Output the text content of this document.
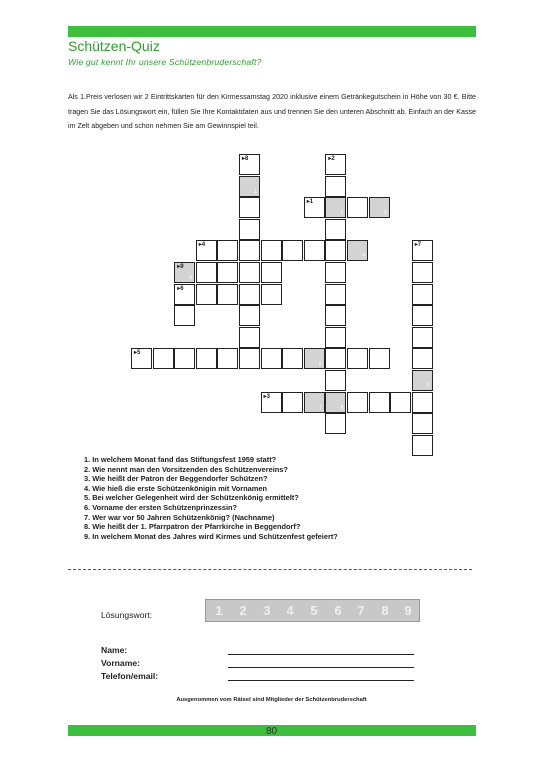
Schützen-Quiz
Wie gut kennt Ihr unsere Schützenbruderschaft?
Als 1.Preis verlosen wir 2 Eintrittskarten für den Kirmessamstag 2020 inklusive einem Getränkegutschein in Höhe von 30 €. Bitte tragen Sie das Lösungswort ein, füllen Sie Ihre Kontaktdaten aus und trennen Sie den unteren Abschnitt ab. Einfach an der Kasse im Zelt abgeben und schon nehmen Sie am Gewinnspiel teil.
▸8
1
▸2
2
8
▸1
3
▸4
4
▸7
6
9
▸9
▸6
▸5
5
▸3
7
1. In welchem Monat fand das Stiftungsfest 1959 statt?
2. Wie nennt man den Vorsitzenden des Schützenvereins?
3. Wie heißt der Patron der Beggendorfer Schützen?
4. Wie hieß die erste Schützenkönigin mit Vornamen
5. Bei welcher Gelegenheit wird der Schützenkönig ermittelt?
6. Vorname der ersten Schützenprinzessin?
7. Wer war vor 50 Jahren Schützenkönig? (Nachname)
8. Wie heißt der 1. Pfarrpatron der Pfarrkirche in Beggendorf?
9. In welchem Monat des Jahres wird Kirmes und Schützenfest gefeiert?
Lösungswort:	1	2	3	4	5	6	7	8	9
Name:
Vorname:
Telefon/email:
Ausgenommen vom Rätsel sind Mitglieder der Schützenbruderschaft
80
